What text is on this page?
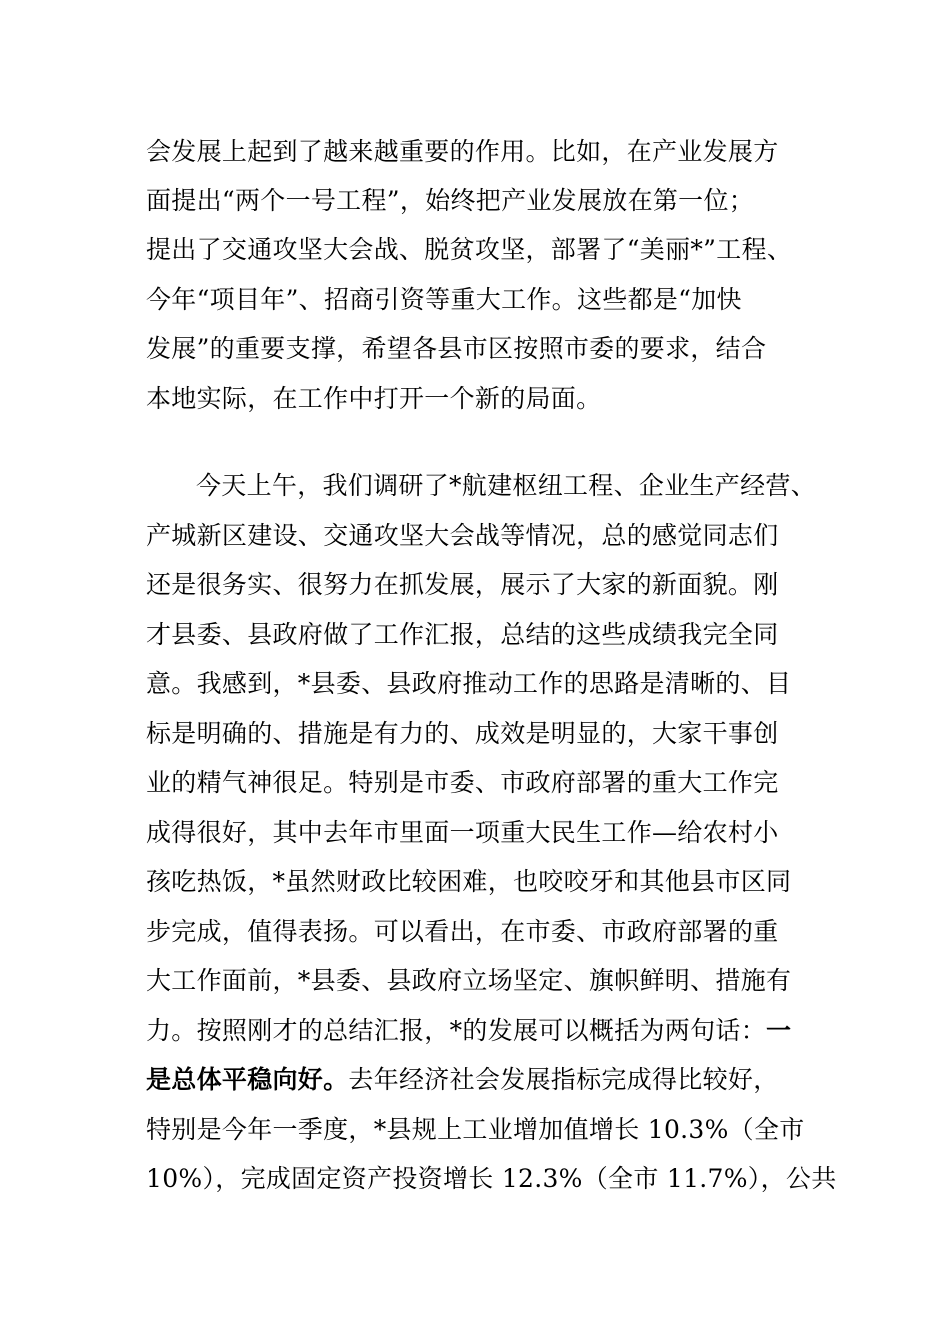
会发展上起到了越来越重要的作用。比如，在产业发展方
面提出“两个一号工程”，始终把产业发展放在第一位；
提出了交通攻坚大会战、脱贫攻坚，部署了“美丽*”工程、
今年“项目年”、招商引资等重大工作。这些都是“加快
发展”的重要支撑，希望各县市区按照市委的要求，结合
本地实际，在工作中打开一个新的局面。
今天上午，我们调研了*航建枢纽工程、企业生产经营、
产城新区建设、交通攻坚大会战等情况，总的感觉同志们
还是很务实、很努力在抓发展，展示了大家的新面貌。刚
才县委、县政府做了工作汇报，总结的这些成绩我完全同
意。我感到，*县委、县政府推动工作的思路是清晰的、目
标是明确的、措施是有力的、成效是明显的，大家干事创
业的精气神很足。特别是市委、市政府部署的重大工作完
成得很好，其中去年市里面一项重大民生工作—给农村小
孩吃热饭，*虽然财政比较困难，也咬咬牙和其他县市区同
步完成，值得表扬。可以看出，在市委、市政府部署的重
大工作面前，*县委、县政府立场坚定、旗帜鲜明、措施有
力。按照刚才的总结汇报，*的发展可以概括为两句话：一
是总体平稳向好。去年经济社会发展指标完成得比较好，
特别是今年一季度，*县规上工业增加值增长 10.3%（全市
10%），完成固定资产投资增长 12.3%（全市 11.7%），公共
